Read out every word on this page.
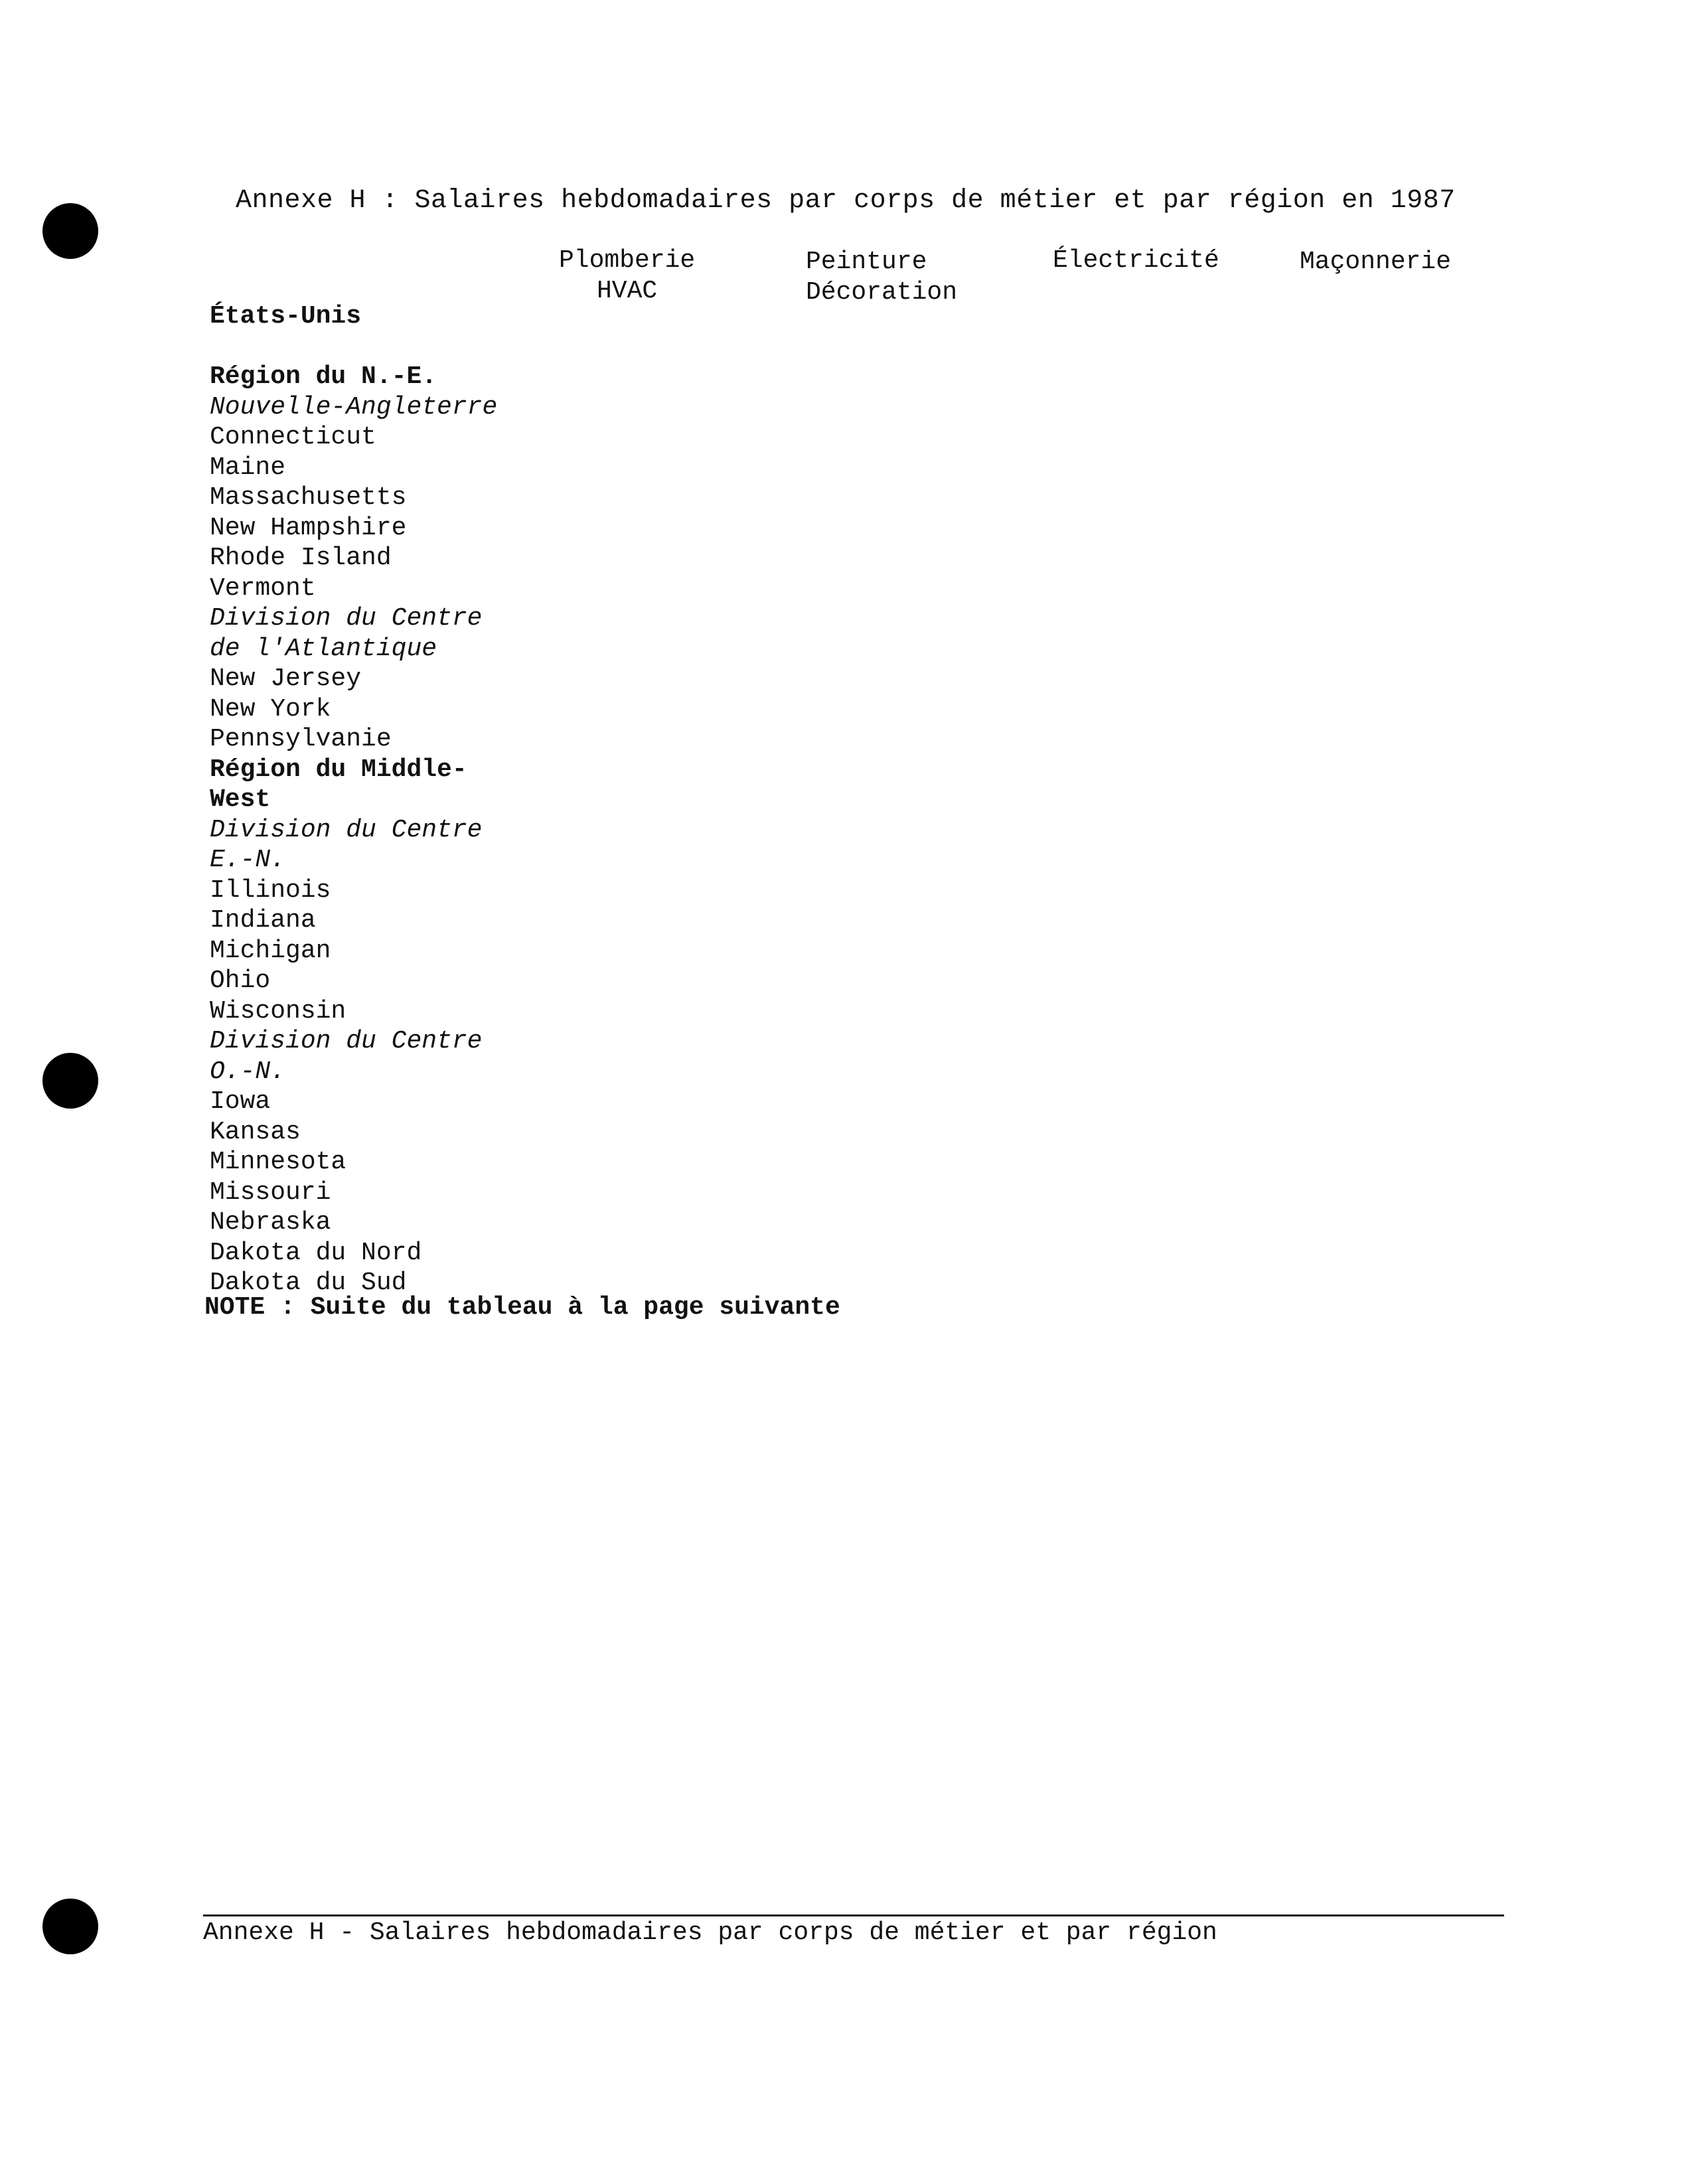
Annexe H : Salaires hebdomadaires par corps de métier et par région en 1987
Plomberie
HVAC
Peinture
Décoration
Électricité	Maçonnerie
États-Unis
Région du N.-E.
Nouvelle-Angleterre
Connecticut
Maine
Massachusetts
New Hampshire
Rhode Island
Vermont
Division du Centre
de l'Atlantique
New Jersey
New York
Pennsylvanie
Région du Middle-
West
Division du Centre
E.-N.
Illinois
Indiana
Michigan
Ohio
Wisconsin
Division du Centre
O.-N.
Iowa
Kansas
Minnesota
Missouri
Nebraska
Dakota du Nord
Dakota du Sud
NOTE : Suite du tableau à la page suivante
Annexe H - Salaires hebdomadaires par corps de métier et par région
